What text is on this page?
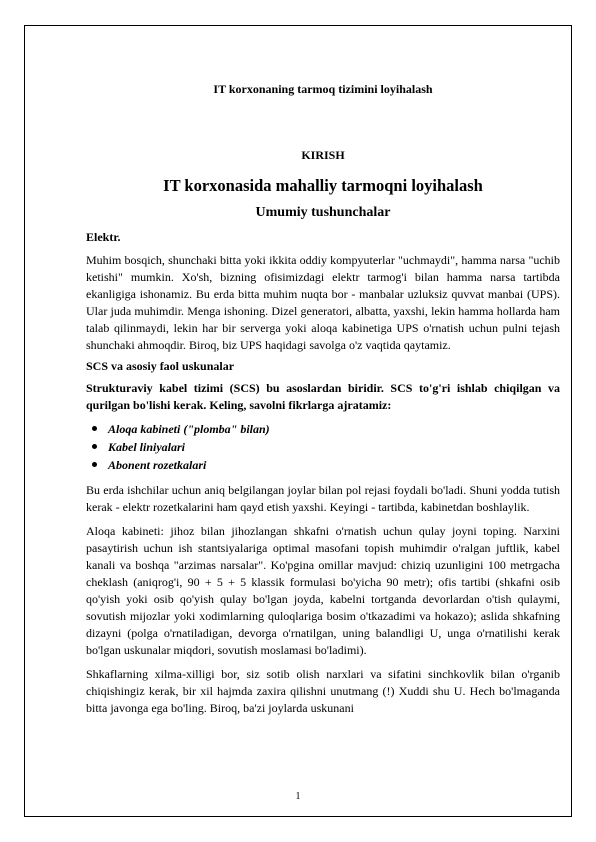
IT korxonaning tarmoq tizimini loyihalash

KIRISH

IT korxonasida mahalliy tarmoqni loyihalash

Umumiy tushunchalar

Elektr.

Muhim bosqich, shunchaki bitta yoki ikkita oddiy kompyuterlar "uchmaydi", hamma narsa "uchib ketishi" mumkin. Xo'sh, bizning ofisimizdagi elektr tarmog'i bilan hamma narsa tartibda ekanligiga ishonamiz. Bu erda bitta muhim nuqta bor - manbalar uzluksiz quvvat manbai (UPS). Ular juda muhimdir. Menga ishoning. Dizel generatori, albatta, yaxshi, lekin hamma hollarda ham talab qilinmaydi, lekin har bir serverga yoki aloqa kabinetiga UPS o'rnatish uchun pulni tejash shunchaki ahmoqdir. Biroq, biz UPS haqidagi savolga o'z vaqtida qaytamiz.

SCS va asosiy faol uskunalar

Strukturaviy kabel tizimi (SCS) bu asoslardan biridir. SCS to'g'ri ishlab chiqilgan va qurilgan bo'lishi kerak. Keling, savolni fikrlarga ajratamiz:

Aloqa kabineti ("plomba" bilan)
Kabel liniyalari
Abonent rozetkalari

Bu erda ishchilar uchun aniq belgilangan joylar bilan pol rejasi foydali bo'ladi. Shuni yodda tutish kerak - elektr rozetkalarini ham qayd etish yaxshi. Keyingi - tartibda, kabinetdan boshlaylik.

Aloqa kabineti: jihoz bilan jihozlangan shkafni o'rnatish uchun qulay joyni toping. Narxini pasaytirish uchun ish stantsiyalariga optimal masofani topish muhimdir o'ralgan juftlik, kabel kanali va boshqa "arzimas narsalar". Ko'pgina omillar mavjud: chiziq uzunligini 100 metrgacha cheklash (aniqrog'i, 90 + 5 + 5 klassik formulasi bo'yicha 90 metr); ofis tartibi (shkafni osib qo'yish yoki osib qo'yish qulay bo'lgan joyda, kabelni tortganda devorlardan o'tish qulaymi, sovutish mijozlar yoki xodimlarning quloqlariga bosim o'tkazadimi va hokazo); aslida shkafning dizayni (polga o'rnatiladigan, devorga o'rnatilgan, uning balandligi U, unga o'rnatilishi kerak bo'lgan uskunalar miqdori, sovutish moslamasi bo'ladimi).

Shkaflarning xilma-xilligi bor, siz sotib olish narxlari va sifatini sinchkovlik bilan o'rganib chiqishingiz kerak, bir xil hajmda zaxira qilishni unutmang (!) Xuddi shu U. Hech bo'lmaganda bitta javonga ega bo'ling. Biroq, ba'zi joylarda uskunani

1
